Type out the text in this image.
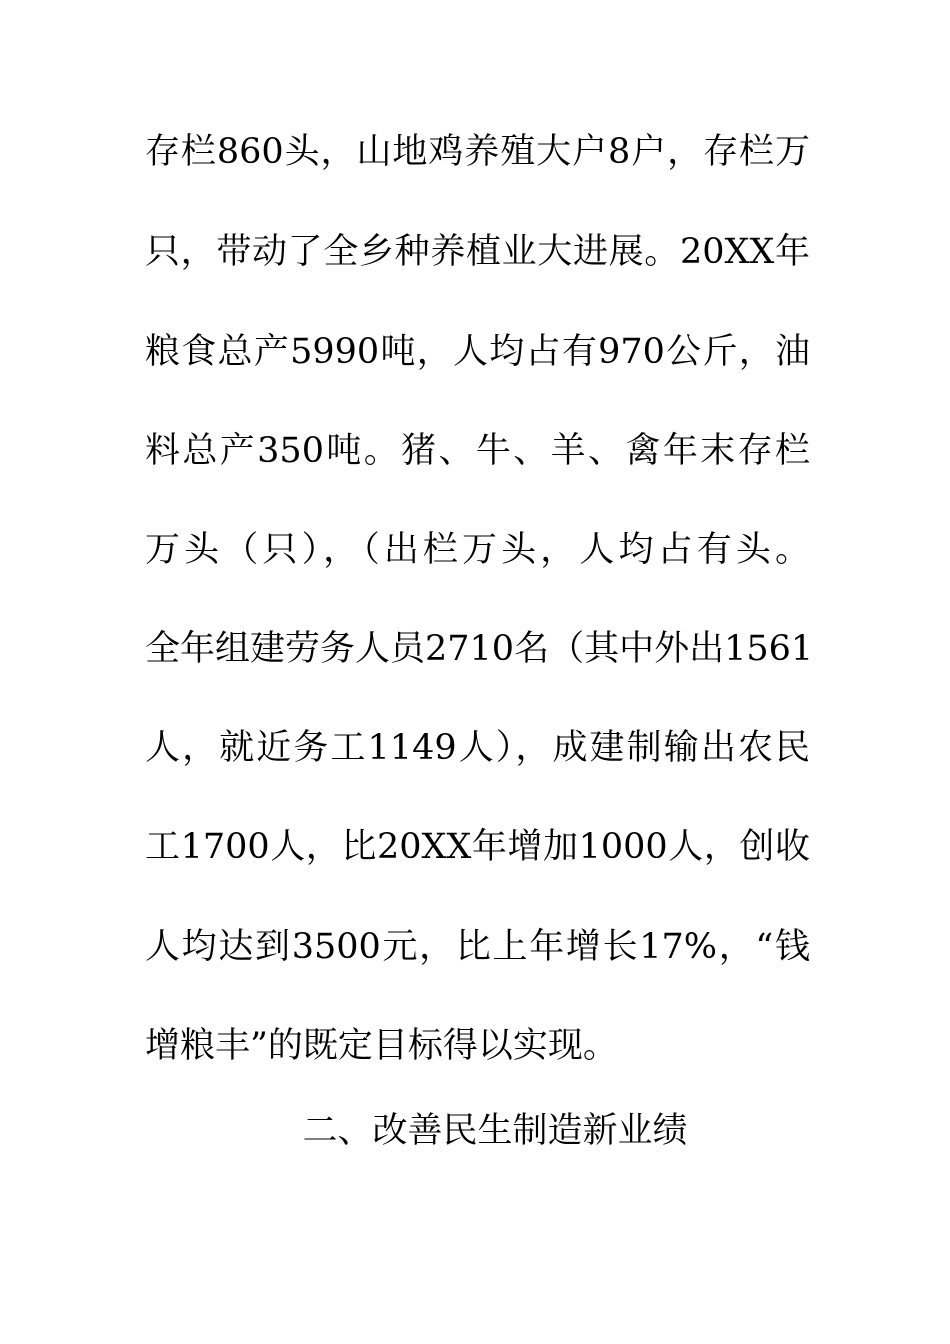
存栏860头，山地鸡养殖大户8户，存栏万
只，带动了全乡种养植业大进展。20XX年
粮食总产5990吨，人均占有970公斤，油
料总产350吨。猪、牛、羊、禽年末存栏
万头（只），（出栏万头，人均占有头。
全年组建劳务人员2710名（其中外出1561
人，就近务工1149人），成建制输出农民
工1700人，比20XX年增加1000人，创收
人均达到3500元，比上年增长17%，“钱
增粮丰”的既定目标得以实现。
二、改善民生制造新业绩
